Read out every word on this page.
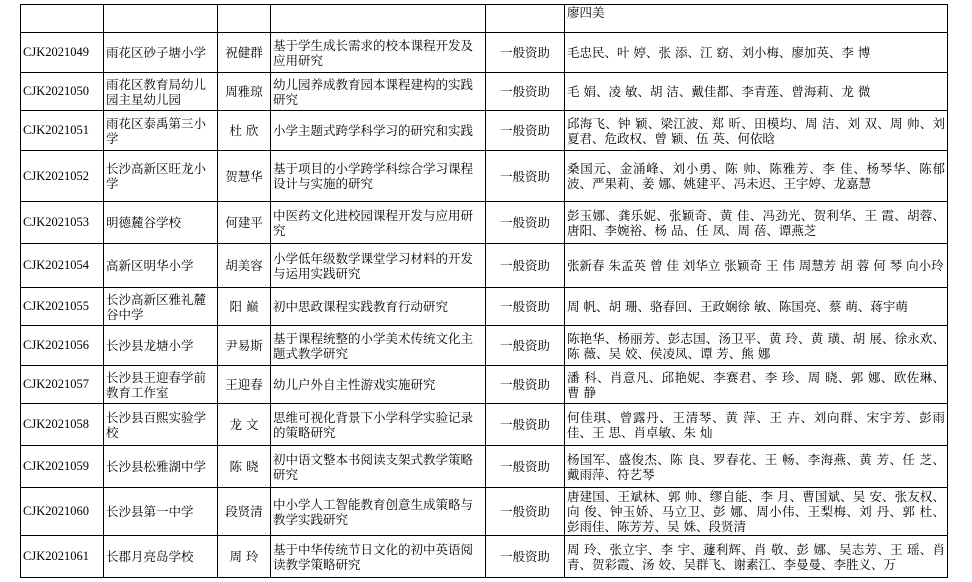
					廖四美
CJK2021049	雨花区砂子塘小学	祝健群	基于学生成长需求的校本课程开发及应用研究	一般资助	毛忠民、叶 婷、张 添、江 窈、刘小梅、廖加英、李 博
CJK2021050	雨花区教育局幼儿园主星幼儿园	周雅琼	幼儿园养成教育园本课程建构的实践研究	一般资助	毛 娟、凌 敏、胡 洁、戴佳都、李青莲、曾海莉、龙 微
CJK2021051	雨花区泰禹第三小学	杜 欣	小学主题式跨学科学习的研究和实践	一般资助	邱海飞、钟 颖、梁江波、郑 昕、田模均、周 洁、刘 双、周 帅、刘夏君、危政权、曾 颖、伍 英、何依晗
CJK2021052	长沙高新区旺龙小学	贺慧华	基于项目的小学跨学科综合学习课程设计与实施的研究	一般资助	桑国元、金涌峰、刘小勇、陈 帅、陈雅芳、李 佳、杨琴华、陈郁波、严果莉、姜 娜、姚建平、冯未迟、王宇婷、龙嘉慧
CJK2021053	明德麓谷学校	何建平	中医药文化进校园课程开发与应用研究	一般资助	彭玉娜、龚乐妮、张颖奇、黄 佳、冯劲光、贺利华、王 霞、胡蓉、唐阳、李婉裕、杨 品、任 凤、周 蓓、谭燕芝
CJK2021054	高新区明华小学	胡美容	小学低年级数学课堂学习材料的开发与运用实践研究	一般资助	张新春 朱孟英 曾 佳 刘华立 张颖奇 王 伟 周慧芳 胡 蓉 何 琴 向小玲
CJK2021055	长沙高新区雅礼麓谷中学	阳 巅	初中思政课程实践教育行动研究	一般资助	周 帆、胡 珊、骆春回、王政娴徐 敏、陈国亮、蔡 萌、蒋宇萌
CJK2021056	长沙县龙塘小学	尹易斯	基于课程统整的小学美术传统文化主题式教学研究	一般资助	陈艳华、杨丽芳、彭志国、汤卫平、黄 玲、黄 璜、胡 展、徐永欢、陈 薇、吴 姣、侯凌凤、谭 芳、熊 娜
CJK2021057	长沙县王迎春学前教育工作室	王迎春	幼儿户外自主性游戏实施研究	一般资助	潘 科、肖意凡、邱艳妮、李赛君、李 珍、周 晓、郭 娜、欧佐琳、曹 静
CJK2021058	长沙县百熙实验学校	龙 文	思维可视化背景下小学科学实验记录的策略研究	一般资助	何佳琪、曾露丹、王清琴、黄 萍、王 卉、刘向群、宋宇芳、彭雨佳、王 思、肖卓敏、朱 灿
CJK2021059	长沙县松雅湖中学	陈 晓	初中语文整本书阅读支架式教学策略研究	一般资助	杨国军、盛俊杰、陈 良、罗春花、王 畅、李海燕、黄 芳、任 芝、戴雨萍、符艺琴
CJK2021060	长沙县第一中学	段贤清	中小学人工智能教育创意生成策略与教学实践研究	一般资助	唐建国、王斌林、郭 帅、缪自能、李 月、曹国斌、吴 安、张友权、向 俊、钟玉娇、马立卫、彭 娜、周小伟、王梨梅、刘 丹、郭 杜、彭雨佳、陈芳芳、吴 姝、段贤清
CJK2021061	长郡月亮岛学校	周 玲	基于中华传统节日文化的初中英语阅读教学策略研究	一般资助	周 玲、张立宇、李 宇、蘧利辉、肖 敬、彭 娜、吴志芳、王 瑶、肖青、贺彩霞、汤 姣、吴群飞、谢素江、李曼曼、李胜义、万
